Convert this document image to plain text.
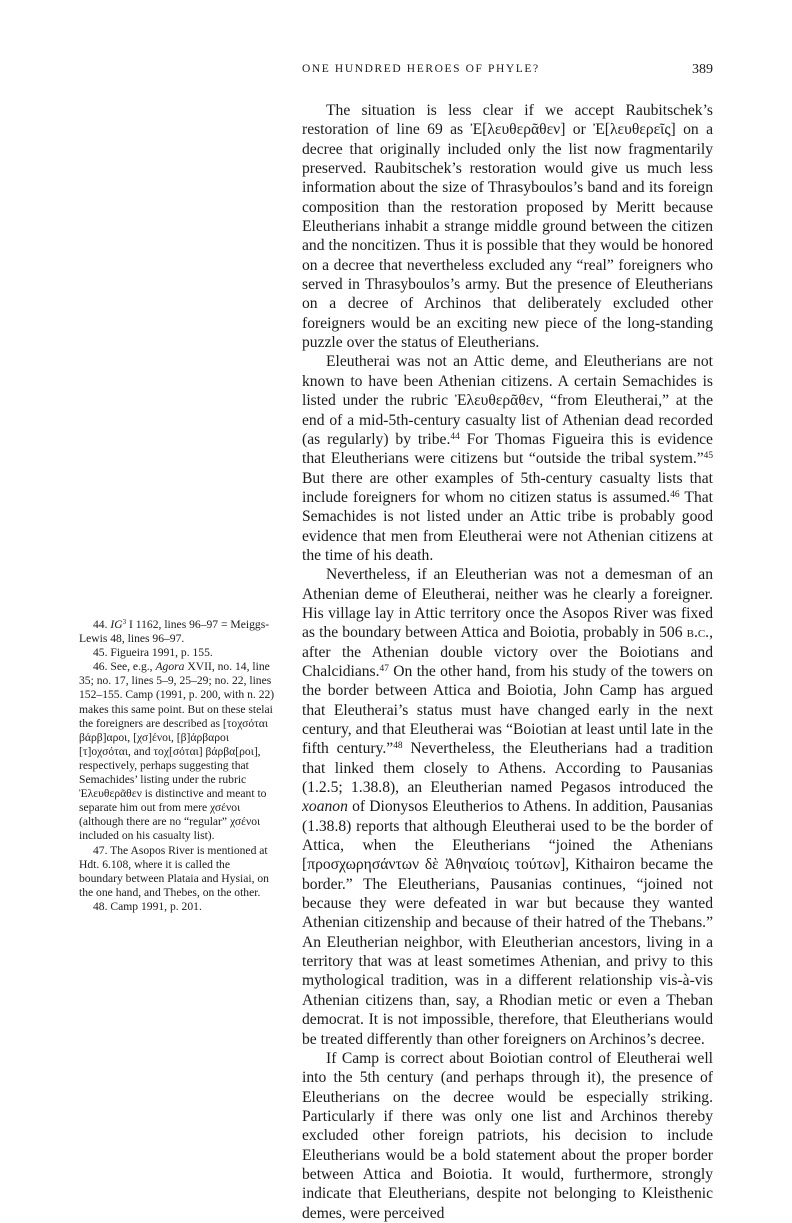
ONE HUNDRED HEROES OF PHYLE?	389

The situation is less clear if we accept Raubitschek’s restoration of line 69 as Ἐ[λευθερᾶθεν] or Ἐ[λευθερεῖς] on a decree that originally included only the list now fragmentarily preserved. Raubitschek’s restoration would give us much less information about the size of Thrasyboulos’s band and its foreign composition than the restoration proposed by Meritt because Eleutherians inhabit a strange middle ground between the citizen and the noncitizen. Thus it is possible that they would be honored on a decree that nevertheless excluded any “real” foreigners who served in Thrasyboulos’s army. But the presence of Eleutherians on a decree of Archinos that deliberately excluded other foreigners would be an exciting new piece of the long-standing puzzle over the status of Eleutherians.

Eleutherai was not an Attic deme, and Eleutherians are not known to have been Athenian citizens. A certain Semachides is listed under the rubric Ἐλευθερᾶθεν, “from Eleutherai,” at the end of a mid-5th-century casualty list of Athenian dead recorded (as regularly) by tribe.$^{44}$ For Thomas Figueira this is evidence that Eleutherians were citizens but “outside the tribal system.”$^{45}$ But there are other examples of 5th-century casualty lists that include foreigners for whom no citizen status is assumed.$^{46}$ That Semachides is not listed under an Attic tribe is probably good evidence that men from Eleutherai were not Athenian citizens at the time of his death.

Nevertheless, if an Eleutherian was not a demesman of an Athenian deme of Eleutherai, neither was he clearly a foreigner. His village lay in Attic territory once the Asopos River was fixed as the boundary between Attica and Boiotia, probably in 506 b.c., after the Athenian double victory over the Boiotians and Chalcidians.$^{47}$ On the other hand, from his study of the towers on the border between Attica and Boiotia, John Camp has argued that Eleutherai’s status must have changed early in the next century, and that Eleutherai was “Boiotian at least until late in the fifth century.”$^{48}$ Nevertheless, the Eleutherians had a tradition that linked them closely to Athens. According to Pausanias (1.2.5; 1.38.8), an Eleutherian named Pegasos introduced the xoanon of Dionysos Eleutherios to Athens. In addition, Pausanias (1.38.8) reports that although Eleutherai used to be the border of Attica, when the Eleutherians “joined the Athenians [προσχωρησάντων δὲ Ἀθηναίοις τούτων], Kithairon became the border.” The Eleutherians, Pausanias continues, “joined not because they were defeated in war but because they wanted Athenian citizenship and because of their hatred of the Thebans.” An Eleutherian neighbor, with Eleutherian ancestors, living in a territory that was at least sometimes Athenian, and privy to this mythological tradition, was in a different relationship vis-à-vis Athenian citizens than, say, a Rhodian metic or even a Theban democrat. It is not impossible, therefore, that Eleutherians would be treated differently than other foreigners on Archinos’s decree.

If Camp is correct about Boiotian control of Eleutherai well into the 5th century (and perhaps through it), the presence of Eleutherians on the decree would be especially striking. Particularly if there was only one list and Archinos thereby excluded other foreign patriots, his decision to include Eleutherians would be a bold statement about the proper border between Attica and Boiotia. It would, furthermore, strongly indicate that Eleutherians, despite not belonging to Kleisthenic demes, were perceived

44. $IG^3$ I 1162, lines 96–97 = Meiggs-Lewis 48, lines 96–97.

45. Figueira 1991, p. 155.

46. See, e.g., Agora XVII, no. 14, line 35; no. 17, lines 5–9, 25–29; no. 22, lines 152–155. Camp (1991, p. 200, with n. 22) makes this same point. But on these stelai the foreigners are described as [τοχσόται βάρβ]αροι, [χσ]ένοι, [β]άρβαροι [τ]οχσόται, and τοχ[σόται] βάρβα[ροι], respectively, perhaps suggesting that Semachides’ listing under the rubric Ἐλευθερᾶθεν is distinctive and meant to separate him out from mere χσένοι (although there are no “regular” χσένοι included on his casualty list).

47. The Asopos River is mentioned at Hdt. 6.108, where it is called the boundary between Plataia and Hysiai, on the one hand, and Thebes, on the other.

48. Camp 1991, p. 201.
